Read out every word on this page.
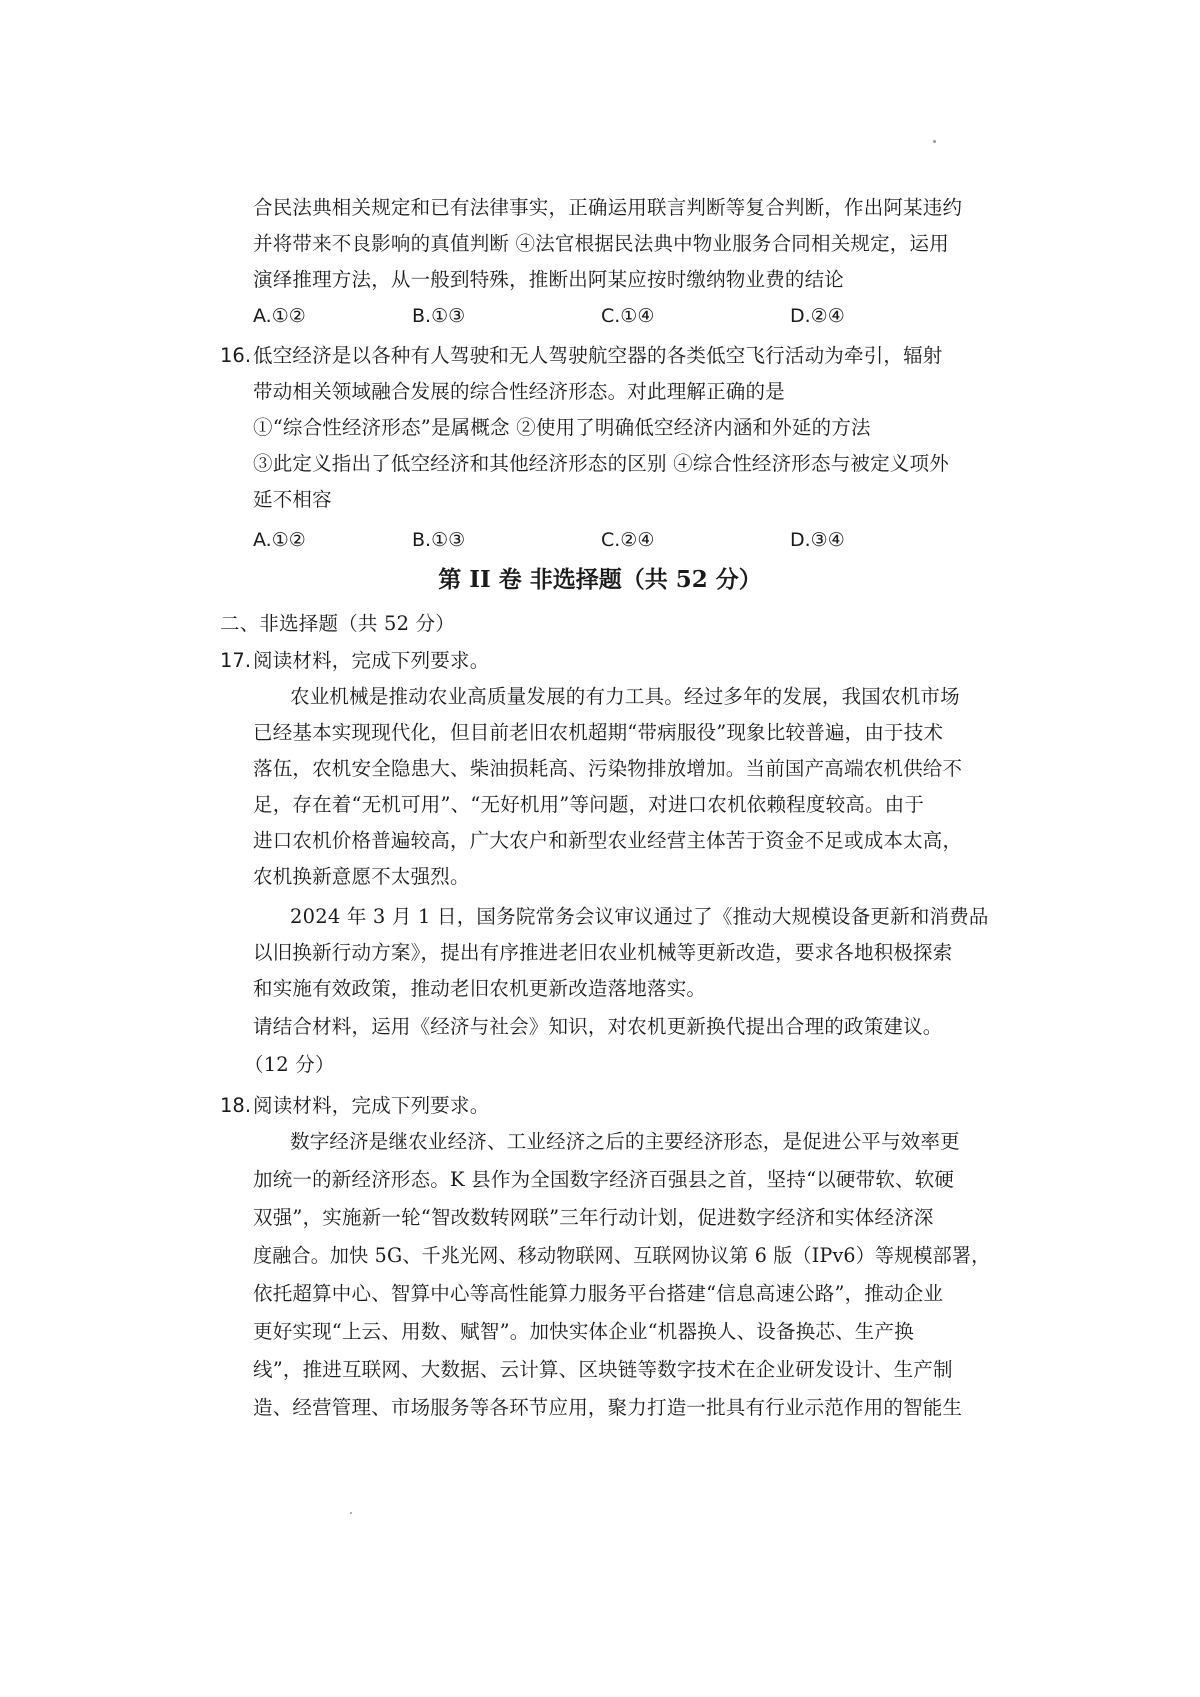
合民法典相关规定和已有法律事实，正确运用联言判断等复合判断，作出阿某违约
并将带来不良影响的真值判断 ④法官根据民法典中物业服务合同相关规定，运用
演绎推理方法，从一般到特殊，推断出阿某应按时缴纳物业费的结论
A.①②	B.①③	C.①④	D.②④
16. 低空经济是以各种有人驾驶和无人驾驶航空器的各类低空飞行活动为牵引，辐射
带动相关领域融合发展的综合性经济形态。对此理解正确的是
①“综合性经济形态”是属概念 ②使用了明确低空经济内涵和外延的方法
③此定义指出了低空经济和其他经济形态的区别 ④综合性经济形态与被定义项外
延不相容
A.①②	B.①③	C.②④	D.③④
第 II 卷 非选择题（共 52 分）
二、非选择题（共 52 分）
17. 阅读材料，完成下列要求。
农业机械是推动农业高质量发展的有力工具。经过多年的发展，我国农机市场
已经基本实现现代化，但目前老旧农机超期“带病服役”现象比较普遍，由于技术
落伍，农机安全隐患大、柴油损耗高、污染物排放增加。当前国产高端农机供给不
足，存在着“无机可用”、“无好机用”等问题，对进口农机依赖程度较高。由于
进口农机价格普遍较高，广大农户和新型农业经营主体苦于资金不足或成本太高，
农机换新意愿不太强烈。
2024 年 3 月 1 日，国务院常务会议审议通过了《推动大规模设备更新和消费品
以旧换新行动方案》，提出有序推进老旧农业机械等更新改造，要求各地积极探索
和实施有效政策，推动老旧农机更新改造落地落实。
请结合材料，运用《经济与社会》知识，对农机更新换代提出合理的政策建议。
（12 分）
18. 阅读材料，完成下列要求。
数字经济是继农业经济、工业经济之后的主要经济形态，是促进公平与效率更
加统一的新经济形态。K 县作为全国数字经济百强县之首，坚持“以硬带软、软硬
双强”，实施新一轮“智改数转网联”三年行动计划，促进数字经济和实体经济深
度融合。加快 5G、千兆光网、移动物联网、互联网协议第 6 版（IPv6）等规模部署，
依托超算中心、智算中心等高性能算力服务平台搭建“信息高速公路”，推动企业
更好实现“上云、用数、赋智”。加快实体企业“机器换人、设备换芯、生产换
线”，推进互联网、大数据、云计算、区块链等数字技术在企业研发设计、生产制
造、经营管理、市场服务等各环节应用，聚力打造一批具有行业示范作用的智能生
